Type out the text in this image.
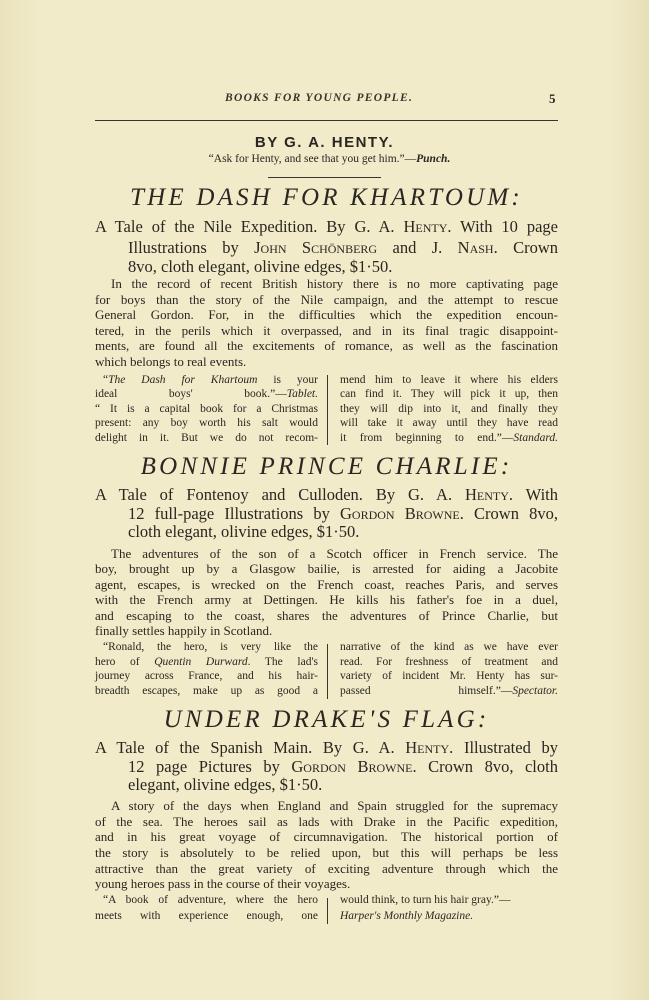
BOOKS FOR YOUNG PEOPLE.	5
BY G. A. HENTY.
“Ask for Henty, and see that you get him.”—Punch.
THE DASH FOR KHARTOUM:
BONNIE PRINCE CHARLIE:
UNDER DRAKE'S FLAG:
A Tale of the Nile Expedition. By G. A. Henty. With 10 page
Illustrations by John Schönberg and J. Nash. Crown
8vo, cloth elegant, olivine edges, $1·50.
In the record of recent British history there is no more captivating page
for boys than the story of the Nile campaign, and the attempt to rescue
General Gordon. For, in the difficulties which the expedition encoun-
tered, in the perils which it overpassed, and in its final tragic disappoint-
ments, are found all the excitements of romance, as well as the fascination
which belongs to real events.
“The Dash for Khartoum is your
ideal boys' book.”—Tablet.
“ It is a capital book for a Christmas
present: any boy worth his salt would
delight in it. But we do not recom-
mend him to leave it where his elders
can find it. They will pick it up, then
they will dip into it, and finally they
will take it away until they have read
it from beginning to end.”—Standard.
A Tale of Fontenoy and Culloden. By G. A. Henty. With
12 full-page Illustrations by Gordon Browne. Crown 8vo,
cloth elegant, olivine edges, $1·50.
The adventures of the son of a Scotch officer in French service. The
boy, brought up by a Glasgow bailie, is arrested for aiding a Jacobite
agent, escapes, is wrecked on the French coast, reaches Paris, and serves
with the French army at Dettingen. He kills his father's foe in a duel,
and escaping to the coast, shares the adventures of Prince Charlie, but
finally settles happily in Scotland.
“Ronald, the hero, is very like the
hero of Quentin Durward. The lad's
journey across France, and his hair-
breadth escapes, make up as good a
narrative of the kind as we have ever
read. For freshness of treatment and
variety of incident Mr. Henty has sur-
passed himself.”—Spectator.
A Tale of the Spanish Main. By G. A. Henty. Illustrated by
12 page Pictures by Gordon Browne. Crown 8vo, cloth
elegant, olivine edges, $1·50.
A story of the days when England and Spain struggled for the supremacy
of the sea. The heroes sail as lads with Drake in the Pacific expedition,
and in his great voyage of circumnavigation. The historical portion of
the story is absolutely to be relied upon, but this will perhaps be less
attractive than the great variety of exciting adventure through which the
young heroes pass in the course of their voyages.
“A book of adventure, where the hero
meets with experience enough, one
would think, to turn his hair gray.”—
Harper's Monthly Magazine.
